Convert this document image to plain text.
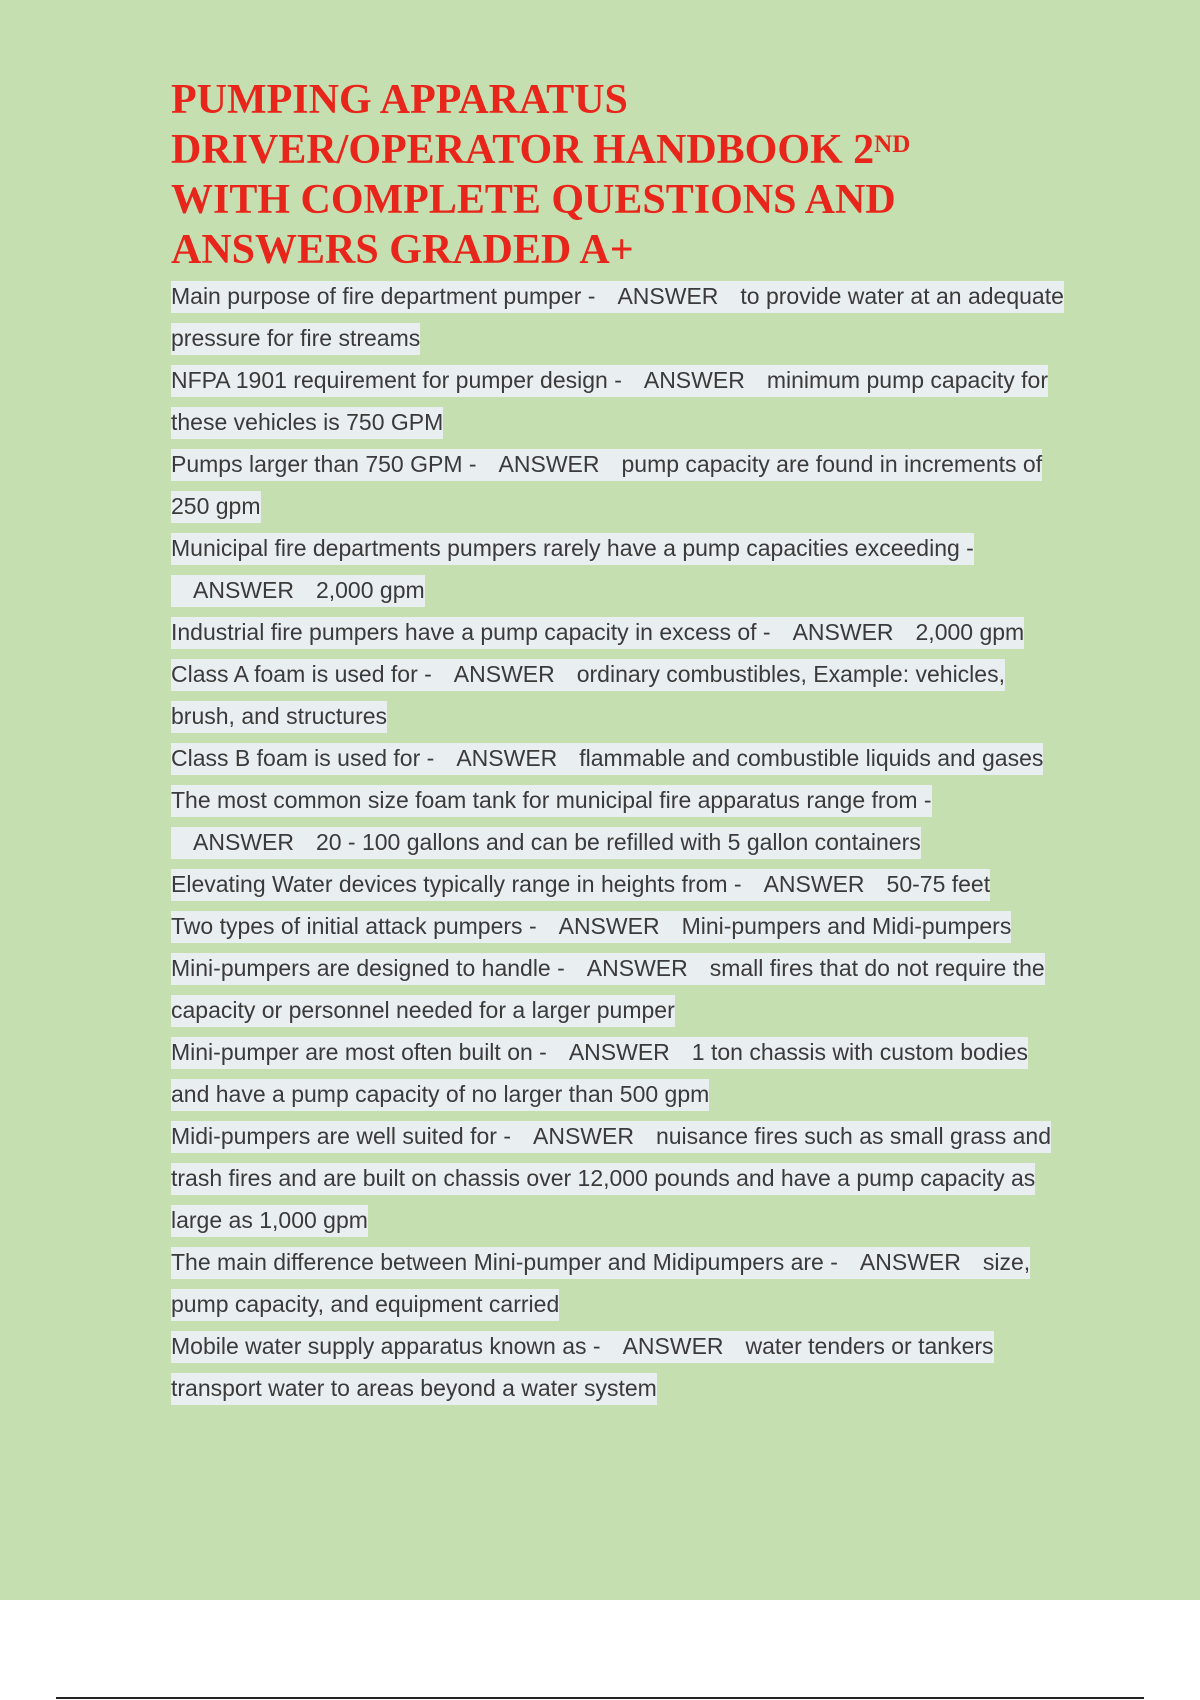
PUMPING APPARATUS
DRIVER/OPERATOR HANDBOOK 2ND
WITH COMPLETE QUESTIONS AND
ANSWERS GRADED A+

Main purpose of fire department pumper - ANSWER to provide water at an adequate pressure for fire streams

NFPA 1901 requirement for pumper design - ANSWER minimum pump capacity for these vehicles is 750 GPM

Pumps larger than 750 GPM - ANSWER pump capacity are found in increments of 250 gpm

Municipal fire departments pumpers rarely have a pump capacities exceeding -ANSWER 2,000 gpm

Industrial fire pumpers have a pump capacity in excess of - ANSWER 2,000 gpm

Class A foam is used for - ANSWER ordinary combustibles, Example: vehicles, brush, and structures

Class B foam is used for - ANSWER flammable and combustible liquids and gases

The most common size foam tank for municipal fire apparatus range from -ANSWER 20 - 100 gallons and can be refilled with 5 gallon containers

Elevating Water devices typically range in heights from - ANSWER 50-75 feet

Two types of initial attack pumpers - ANSWER Mini-pumpers and Midi-pumpers

Mini-pumpers are designed to handle - ANSWER small fires that do not require the capacity or personnel needed for a larger pumper

Mini-pumper are most often built on - ANSWER 1 ton chassis with custom bodies and have a pump capacity of no larger than 500 gpm

Midi-pumpers are well suited for - ANSWER nuisance fires such as small grass and trash fires and are built on chassis over 12,000 pounds and have a pump capacity as large as 1,000 gpm

The main difference between Mini-pumper and Midipumpers are - ANSWER size, pump capacity, and equipment carried

Mobile water supply apparatus known as - ANSWER water tenders or tankers transport water to areas beyond a water system
